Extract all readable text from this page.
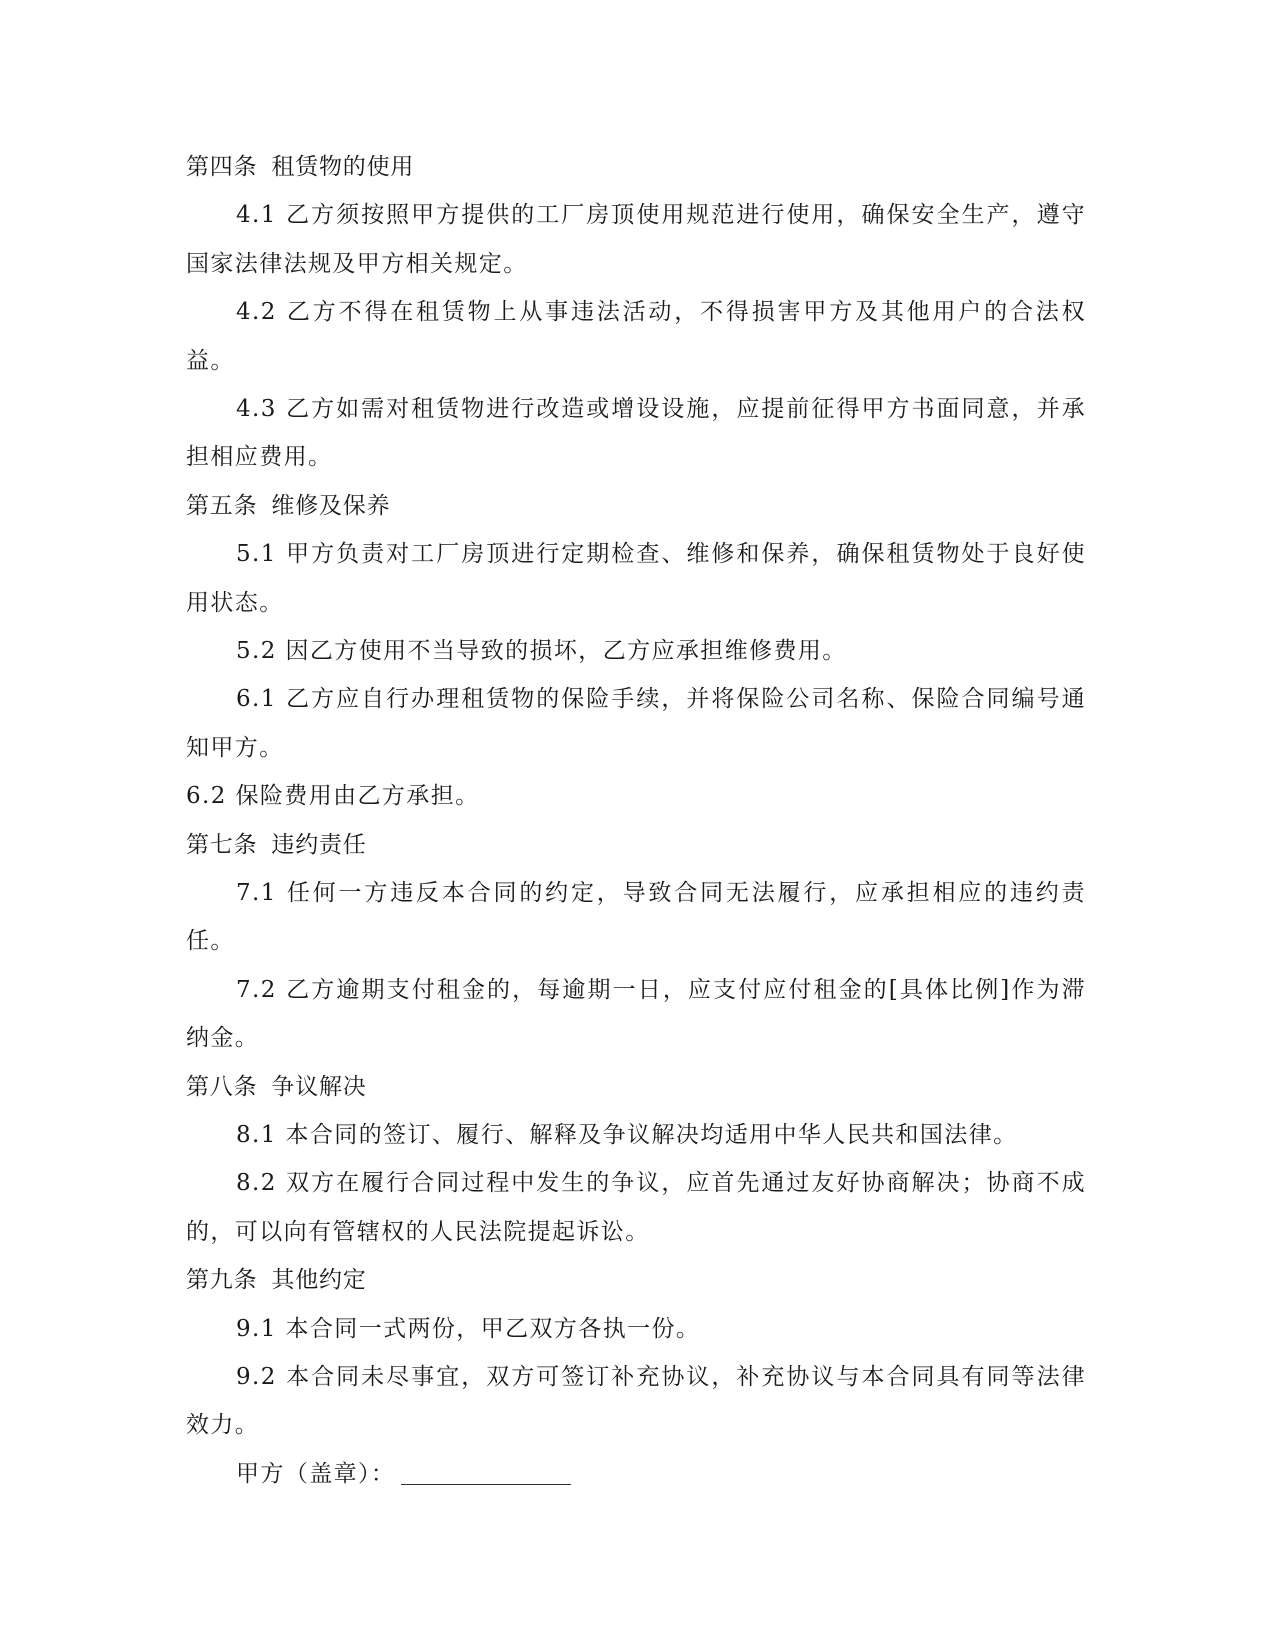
第四条 租赁物的使用
4.1 乙方须按照甲方提供的工厂房顶使用规范进行使用，确保安全生产，遵守国家法律法规及甲方相关规定。
4.2 乙方不得在租赁物上从事违法活动，不得损害甲方及其他用户的合法权益。
4.3 乙方如需对租赁物进行改造或增设设施，应提前征得甲方书面同意，并承担相应费用。
第五条 维修及保养
5.1 甲方负责对工厂房顶进行定期检查、维修和保养，确保租赁物处于良好使用状态。
5.2 因乙方使用不当导致的损坏，乙方应承担维修费用。
6.1 乙方应自行办理租赁物的保险手续，并将保险公司名称、保险合同编号通知甲方。
6.2 保险费用由乙方承担。
第七条 违约责任
7.1 任何一方违反本合同的约定，导致合同无法履行，应承担相应的违约责任。
7.2 乙方逾期支付租金的，每逾期一日，应支付应付租金的[具体比例]作为滞纳金。
第八条 争议解决
8.1 本合同的签订、履行、解释及争议解决均适用中华人民共和国法律。
8.2 双方在履行合同过程中发生的争议，应首先通过友好协商解决；协商不成的，可以向有管辖权的人民法院提起诉讼。
第九条 其他约定
9.1 本合同一式两份，甲乙双方各执一份。
9.2 本合同未尽事宜，双方可签订补充协议，补充协议与本合同具有同等法律效力。
甲方（盖章）：
